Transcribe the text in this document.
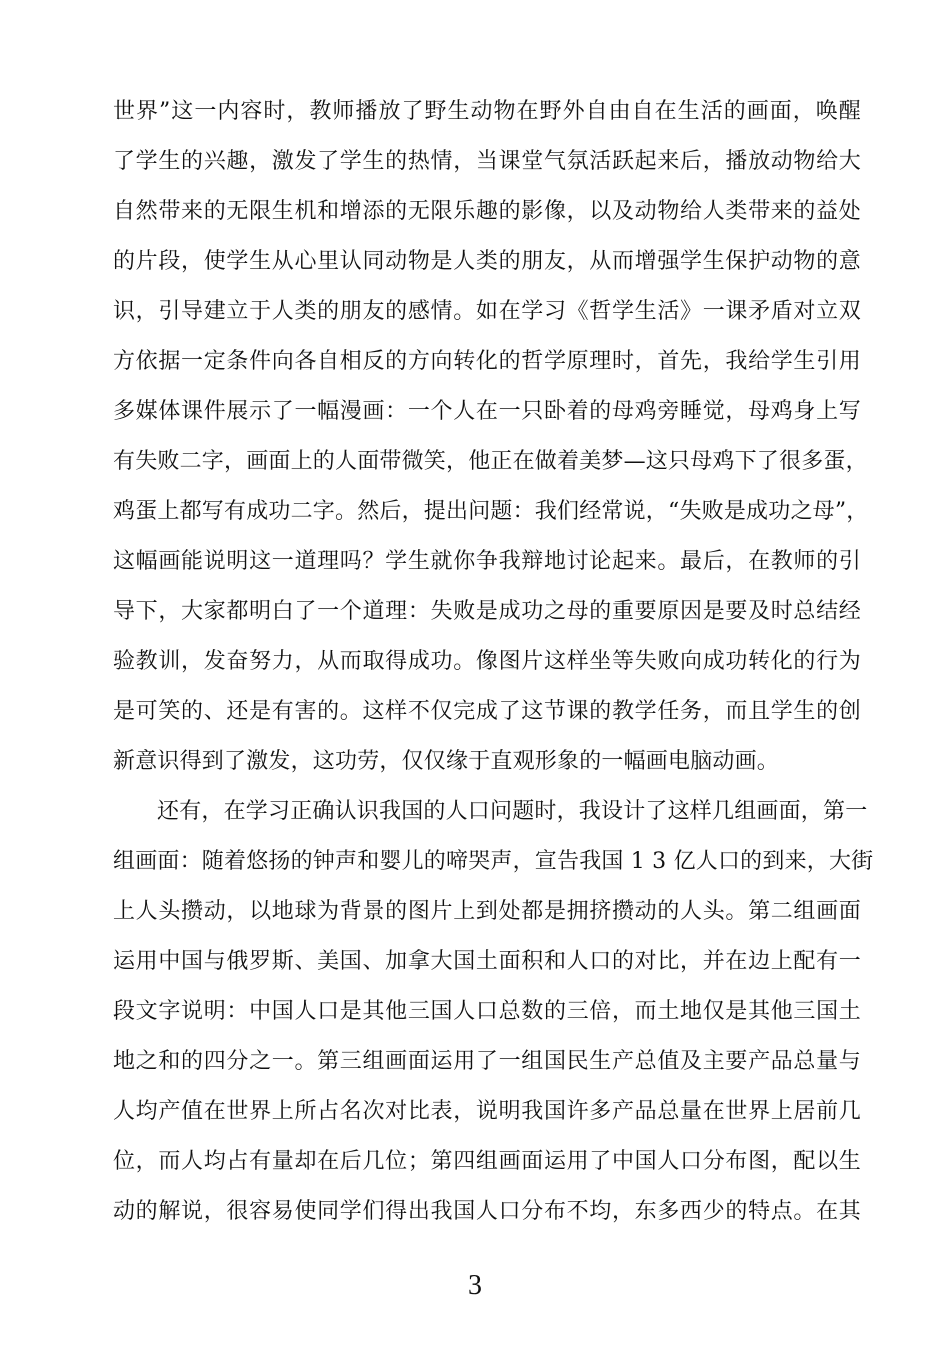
世界”这一内容时，教师播放了野生动物在野外自由自在生活的画面，唤醒
了学生的兴趣，激发了学生的热情，当课堂气氛活跃起来后，播放动物给大
自然带来的无限生机和增添的无限乐趣的影像，以及动物给人类带来的益处
的片段，使学生从心里认同动物是人类的朋友，从而增强学生保护动物的意
识，引导建立于人类的朋友的感情。如在学习《哲学生活》一课矛盾对立双
方依据一定条件向各自相反的方向转化的哲学原理时，首先，我给学生引用
多媒体课件展示了一幅漫画：一个人在一只卧着的母鸡旁睡觉，母鸡身上写
有失败二字，画面上的人面带微笑，他正在做着美梦—这只母鸡下了很多蛋，
鸡蛋上都写有成功二字。然后，提出问题：我们经常说，“失败是成功之母”，
这幅画能说明这一道理吗？学生就你争我辩地讨论起来。最后，在教师的引
导下，大家都明白了一个道理：失败是成功之母的重要原因是要及时总结经
验教训，发奋努力，从而取得成功。像图片这样坐等失败向成功转化的行为
是可笑的、还是有害的。这样不仅完成了这节课的教学任务，而且学生的创
新意识得到了激发，这功劳，仅仅缘于直观形象的一幅画电脑动画。
还有，在学习正确认识我国的人口问题时，我设计了这样几组画面，第一
组画面：随着悠扬的钟声和婴儿的啼哭声，宣告我国 1 3 亿人口的到来，大街
上人头攒动，以地球为背景的图片上到处都是拥挤攒动的人头。第二组画面
运用中国与俄罗斯、美国、加拿大国土面积和人口的对比，并在边上配有一
段文字说明：中国人口是其他三国人口总数的三倍，而土地仅是其他三国土
地之和的四分之一。第三组画面运用了一组国民生产总值及主要产品总量与
人均产值在世界上所占名次对比表，说明我国许多产品总量在世界上居前几
位，而人均占有量却在后几位；第四组画面运用了中国人口分布图，配以生
动的解说，很容易使同学们得出我国人口分布不均，东多西少的特点。在其
3
